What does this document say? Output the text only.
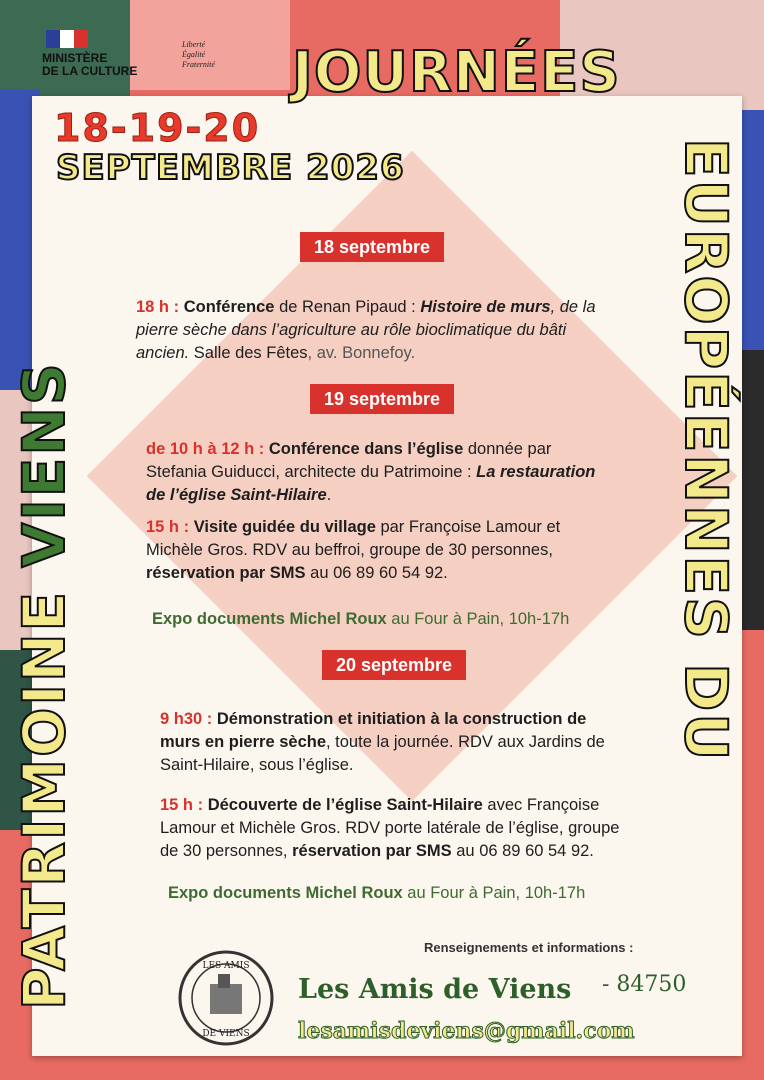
MINISTÈRE
DE LA CULTURE
Liberté
Égalité
Fraternité JOURNÉES
18-19-20
SEPTEMBRE 2026
PATRIMOINE VIENS	EUROPÉENNES DU
18 septembre
18 h : Conférence de Renan Pipaud : Histoire de murs, de la pierre sèche dans l’agriculture au rôle bioclimatique du bâti ancien. Salle des Fêtes, av. Bonnefoy.
19 septembre
de 10 h à 12 h : Conférence dans l’église donnée par Stefania Guiducci, architecte du Patrimoine : La restauration de l’église Saint-Hilaire.
15 h : Visite guidée du village par Françoise Lamour et Michèle Gros. RDV au beffroi, groupe de 30 personnes, réservation par SMS au 06 89 60 54 92.
Expo documents Michel Roux au Four à Pain, 10h-17h
20 septembre
9 h30 : Démonstration et initiation à la construction de murs en pierre sèche, toute la journée. RDV aux Jardins de Saint-Hilaire, sous l’église.
15 h : Découverte de l’église Saint-Hilaire avec Françoise Lamour et Michèle Gros. RDV porte latérale de l’église, groupe de 30 personnes, réservation par SMS au 06 89 60 54 92.
Expo documents Michel Roux au Four à Pain, 10h-17h
LES AMIS
DE VIENS
Renseignements et informations :
Les Amis de Viens - 84750
lesamisdeviens@gmail.com
